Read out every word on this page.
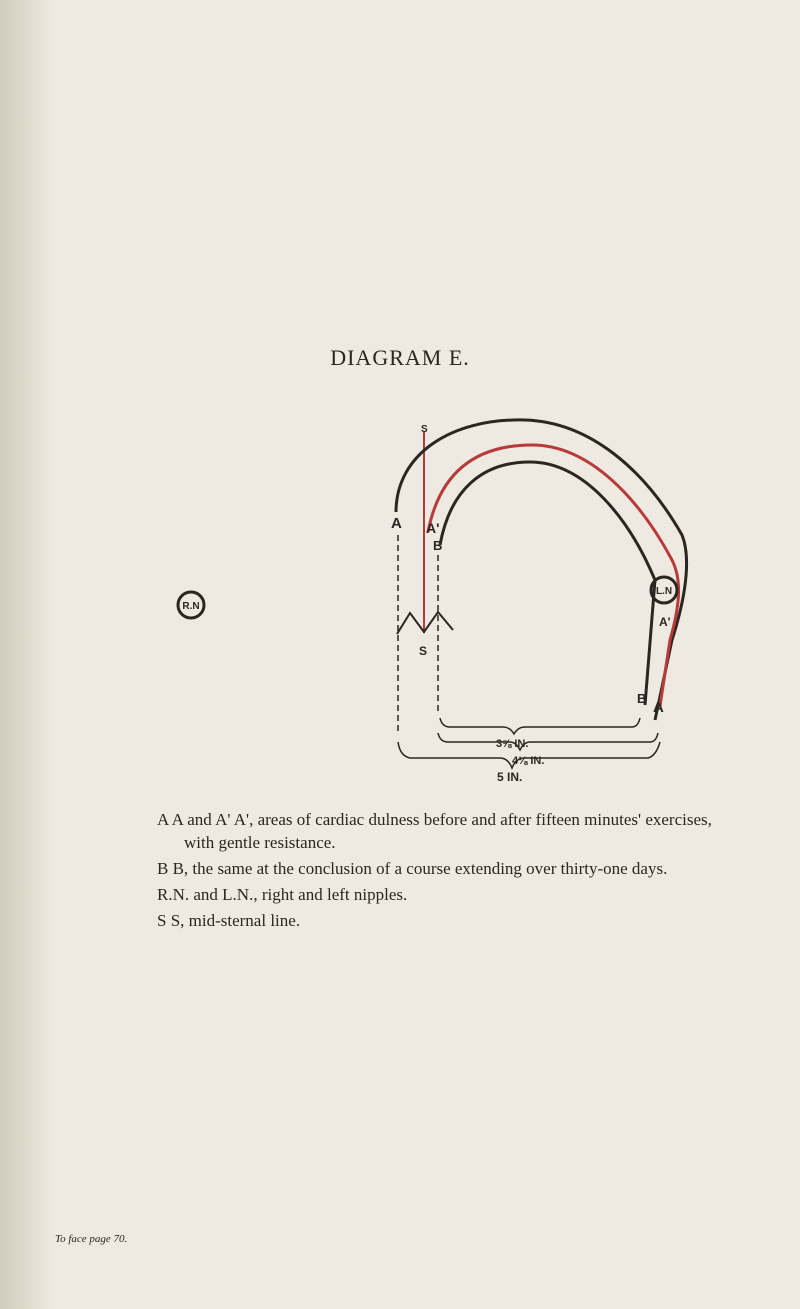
DIAGRAM E.
R.N
L.N
A A'
B
S
S
A'
B
A
3⅝ IN.
4⅛ IN.
5 IN.

A A and A' A', areas of cardiac dulness before and after fifteen minutes' exercises, with gentle resistance.

B B, the same at the conclusion of a course extending over thirty-one days.

R.N. and L.N., right and left nipples.

S S, mid-sternal line.

To face page 70.
